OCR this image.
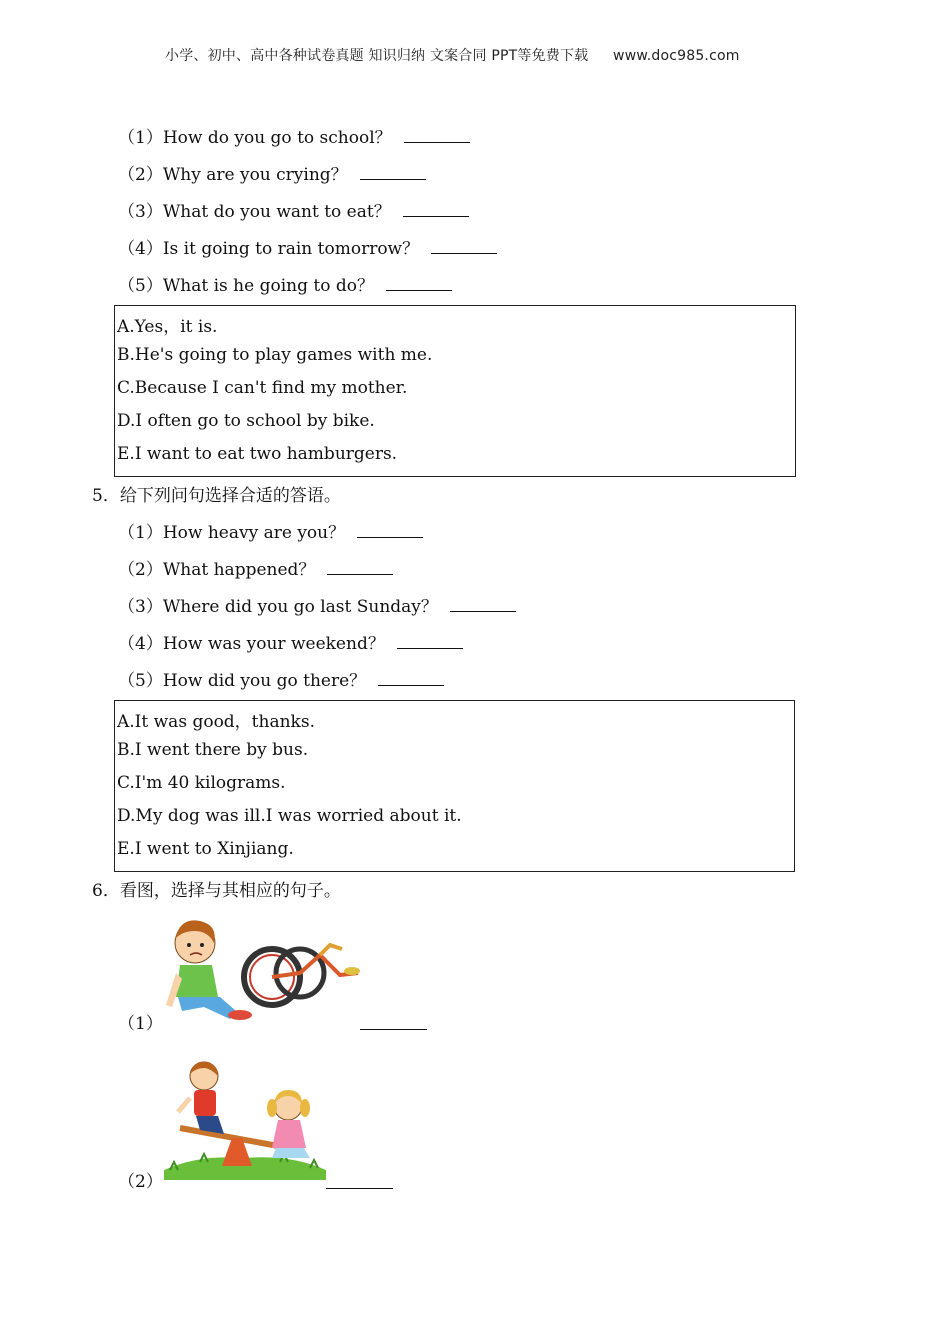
小学、初中、高中各种试卷真题 知识归纳 文案合同 PPT等免费下载 www.doc985.com
（1）How do you go to school？
（2）Why are you crying？
（3）What do you want to eat？
（4）Is it going to rain tomorrow？
（5）What is he going to do？
A.Yes，it is.
B.He's going to play games with me.
C.Because I can't find my mother.
D.I often go to school by bike.
E.I want to eat two hamburgers.
5．给下列问句选择合适的答语。
（1）How heavy are you？
（2）What happened？
（3）Where did you go last Sunday？
（4）How was your weekend？
（5）How did you go there？
A.It was good，thanks.
B.I went there by bus.
C.I'm 40 kilograms.
D.My dog was ill.I was worried about it.
E.I went to Xinjiang.
6．看图，选择与其相应的句子。
（1）
（2）
